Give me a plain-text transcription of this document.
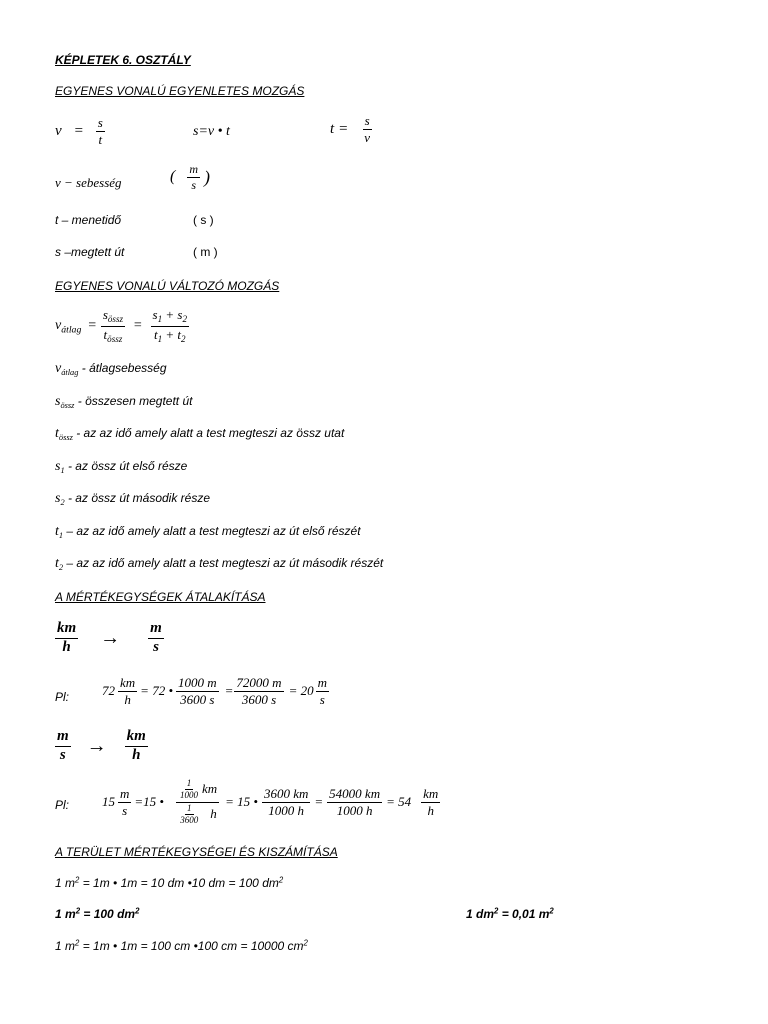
KÉPLETEK 6. OSZTÁLY
EGYENES VONALÚ EGYENLETES MOZGÁS
$v = \frac{s}{t}$	s=v • t	$t = \frac{s}{v}$
v − sebesség	( $\frac{m}{s}$ )
t – menetidő	( s )
s –megtett út	( m )
EGYENES VONALÚ VÁLTOZÓ MOZGÁS
$v_{átlag} = \frac{s_{össz}}{t_{össz}} = \frac{s_1 + s_2}{t_1 + t_2}$
$v_{átlag}$ - átlagsebesség
$s_{össz}$ - összesen megtett út
$t_{össz}$ - az az idő amely alatt a test megteszi az össz utat
$s_1$ - az össz út első része
$s_2$ - az össz út második része
$t_1$ – az az idő amely alatt a test megteszi az út első részét
$t_2$ – az az idő amely alatt a test megteszi az út második részét
A MÉRTÉKEGYSÉGEK ÁTALAKÍTÁSA
$\frac{km}{h} \to \frac{m}{s}$
Pl:	$72 \frac{km}{h} = 72$ • $\frac{1000 m}{3600 s} = \frac{72000 m}{3600 s} = 20 \frac{m}{s}$
$\frac{m}{s} \to \frac{km}{h}$
Pl:	$15 \frac{m}{s} =15$ • $\frac{\frac{1}{1000} km}{\frac{1}{3600} h} = 15$ • $\frac{3600 km}{1000 h} = \frac{54000 km}{1000 h} = 54 \frac{km}{h}$
A TERÜLET MÉRTÉKEGYSÉGEI ÉS KISZÁMÍTÁSA
1 $m^2 = 1m$ • 1m = 10 dm •10 dm = 100 $dm^2$
1 $m^2 = 100$ $dm^2$	1 $dm^2 = 0,01$ $m^2$
1 $m^2 = 1m$ • 1m = 100 cm •100 cm = 10000 $cm^2$
